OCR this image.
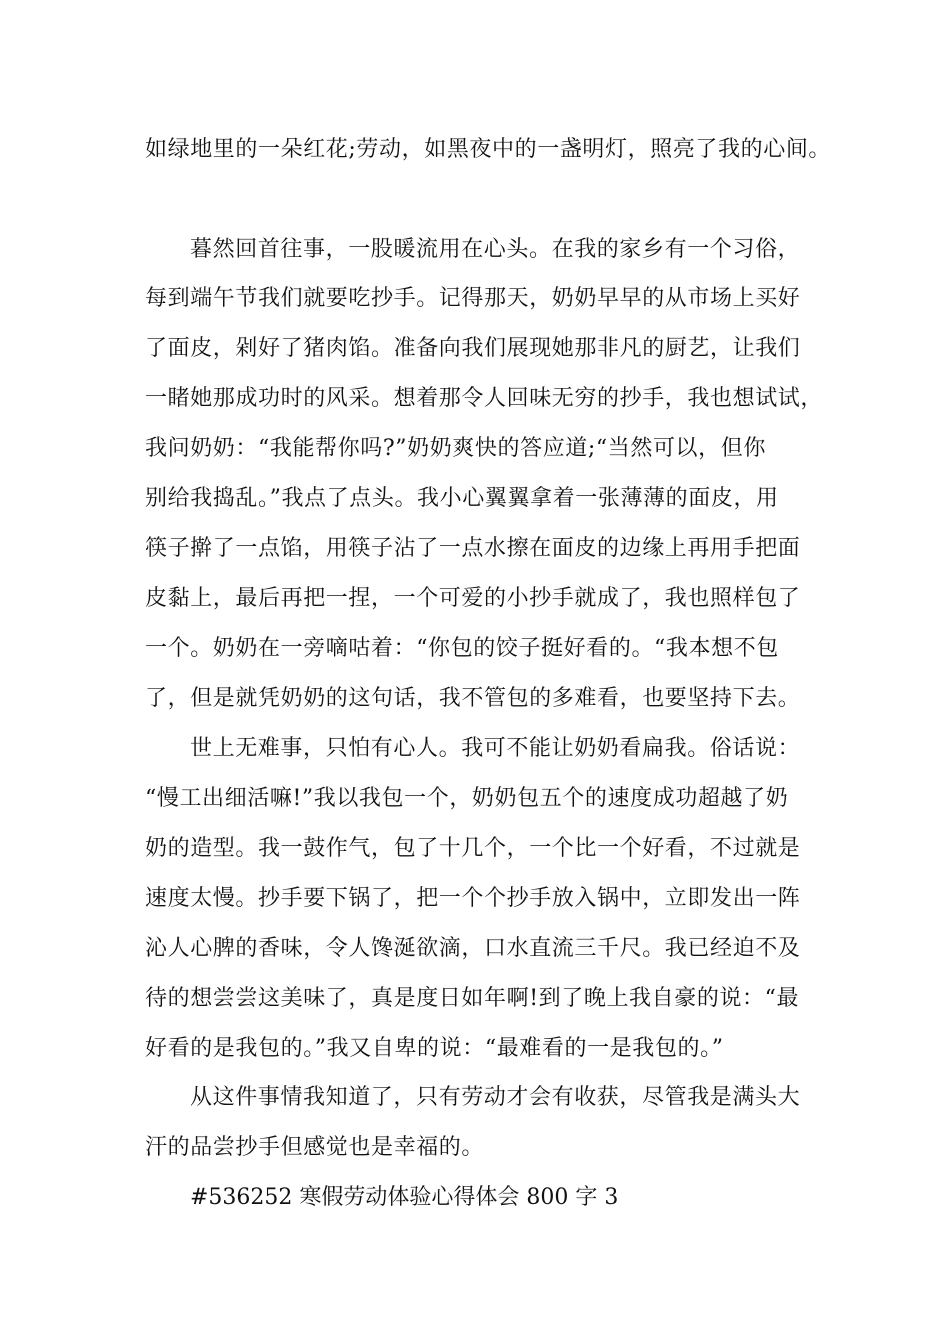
如绿地里的一朵红花;劳动，如黑夜中的一盏明灯，照亮了我的心间。
暮然回首往事，一股暖流用在心头。在我的家乡有一个习俗，
每到端午节我们就要吃抄手。记得那天，奶奶早早的从市场上买好
了面皮，剁好了猪肉馅。准备向我们展现她那非凡的厨艺，让我们
一睹她那成功时的风采。想着那令人回味无穷的抄手，我也想试试，
我问奶奶：“我能帮你吗?”奶奶爽快的答应道;“当然可以，但你
别给我捣乱。”我点了点头。我小心翼翼拿着一张薄薄的面皮，用
筷子擀了一点馅，用筷子沾了一点水擦在面皮的边缘上再用手把面
皮黏上，最后再把一捏，一个可爱的小抄手就成了，我也照样包了
一个。奶奶在一旁嘀咕着：“你包的饺子挺好看的。“我本想不包
了，但是就凭奶奶的这句话，我不管包的多难看，也要坚持下去。
世上无难事，只怕有心人。我可不能让奶奶看扁我。俗话说：
“慢工出细活嘛!”我以我包一个，奶奶包五个的速度成功超越了奶
奶的造型。我一鼓作气，包了十几个，一个比一个好看，不过就是
速度太慢。抄手要下锅了，把一个个抄手放入锅中，立即发出一阵
沁人心脾的香味，令人馋涎欲滴，口水直流三千尺。我已经迫不及
待的想尝尝这美味了，真是度日如年啊!到了晚上我自豪的说：“最
好看的是我包的。”我又自卑的说：“最难看的一是我包的。”
从这件事情我知道了，只有劳动才会有收获，尽管我是满头大
汗的品尝抄手但感觉也是幸福的。
#536252 寒假劳动体验心得体会 800 字 3
